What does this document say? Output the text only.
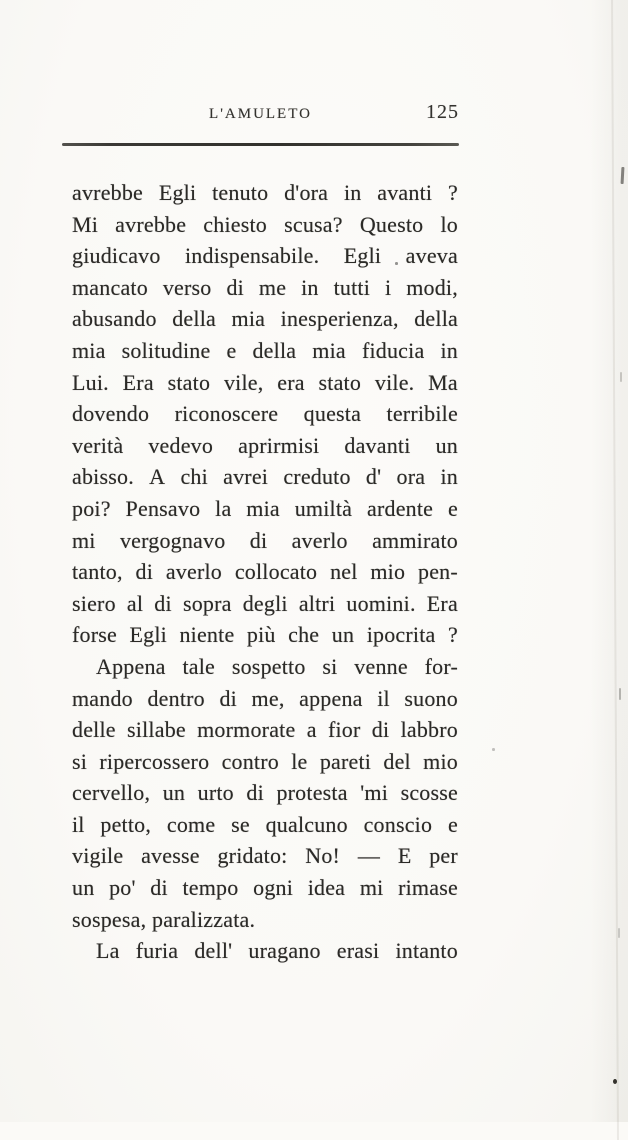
L'AMULETO	125
avrebbe Egli tenuto d'ora in avanti ?
Mi avrebbe chiesto scusa? Questo lo
giudicavo indispensabile. Egli aveva
mancato verso di me in tutti i modi,
abusando della mia inesperienza, della
mia solitudine e della mia fiducia in
Lui. Era stato vile, era stato vile. Ma
dovendo riconoscere questa terribile
verità vedevo aprirmisi davanti un
abisso. A chi avrei creduto d' ora in
poi? Pensavo la mia umiltà ardente e
mi vergognavo di averlo ammirato
tanto, di averlo collocato nel mio pen-
siero al di sopra degli altri uomini. Era
forse Egli niente più che un ipocrita ?
Appena tale sospetto si venne for-
mando dentro di me, appena il suono
delle sillabe mormorate a fior di labbro
si ripercossero contro le pareti del mio
cervello, un urto di protesta 'mi scosse
il petto, come se qualcuno conscio e
vigile avesse gridato: No! — E per
un po' di tempo ogni idea mi rimase
sospesa, paralizzata.
La furia dell' uragano erasi intanto
